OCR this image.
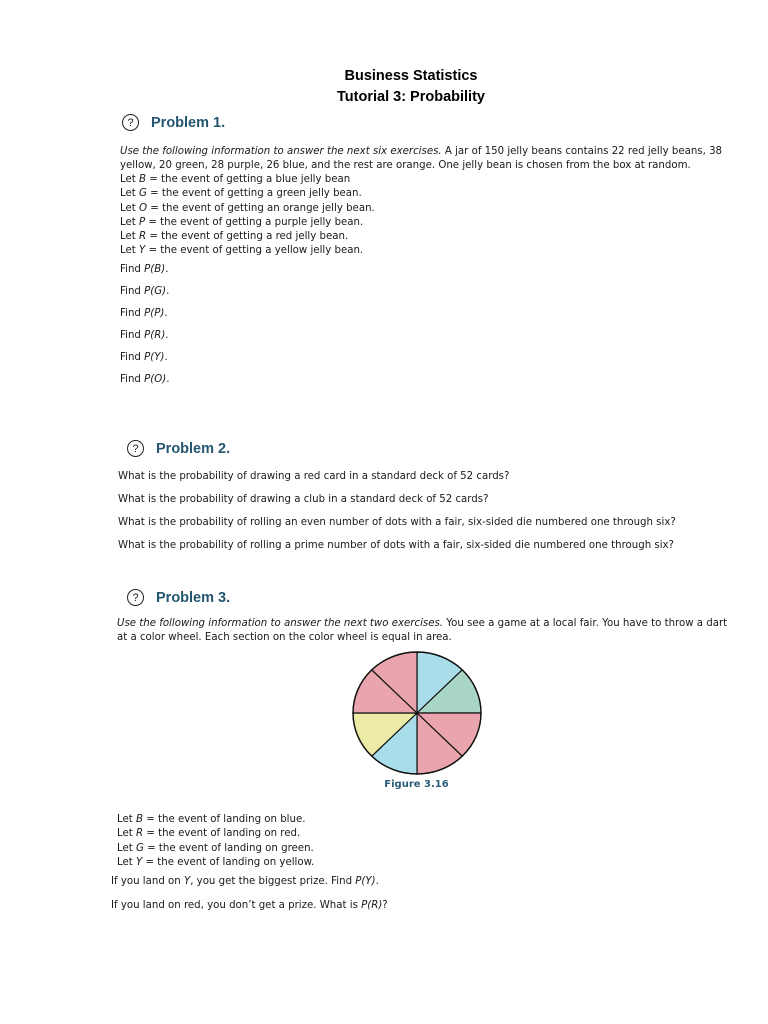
Business Statistics
Tutorial 3: Probability
?	Problem 1.
Use the following information to answer the next six exercises. A jar of 150 jelly beans contains 22 red jelly beans, 38
yellow, 20 green, 28 purple, 26 blue, and the rest are orange. One jelly bean is chosen from the box at random.
Let B = the event of getting a blue jelly bean
Let G = the event of getting a green jelly bean.
Let O = the event of getting an orange jelly bean.
Let P = the event of getting a purple jelly bean.
Let R = the event of getting a red jelly bean.
Let Y = the event of getting a yellow jelly bean.
Find P(B).
Find P(G).
Find P(P).
Find P(R).
Find P(Y).
Find P(O).
?	Problem 2.
What is the probability of drawing a red card in a standard deck of 52 cards?
What is the probability of drawing a club in a standard deck of 52 cards?
What is the probability of rolling an even number of dots with a fair, six-sided die numbered one through six?
What is the probability of rolling a prime number of dots with a fair, six-sided die numbered one through six?
?	Problem 3.
Use the following information to answer the next two exercises. You see a game at a local fair. You have to throw a dart
at a color wheel. Each section on the color wheel is equal in area.
Figure 3.16
Let B = the event of landing on blue.
Let R = the event of landing on red.
Let G = the event of landing on green.
Let Y = the event of landing on yellow.
If you land on Y, you get the biggest prize. Find P(Y).
If you land on red, you don’t get a prize. What is P(R)?
